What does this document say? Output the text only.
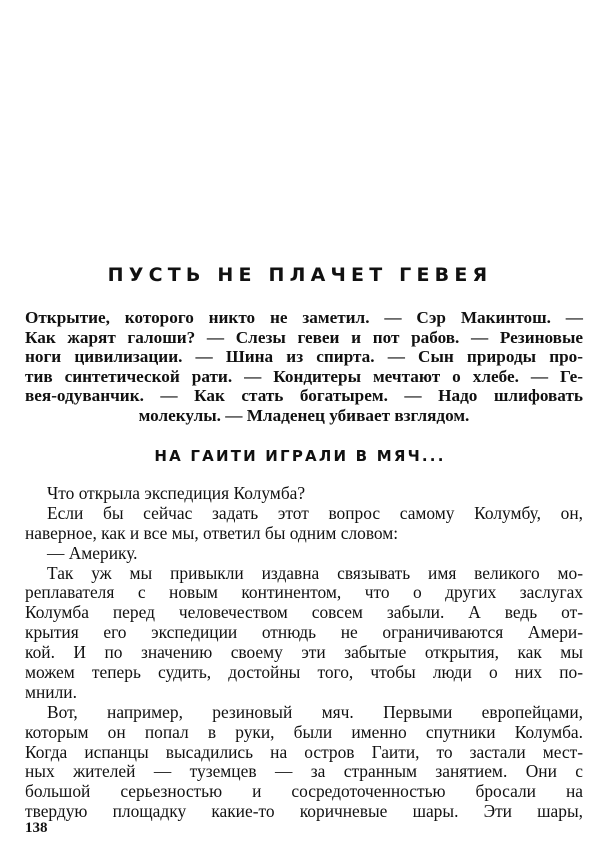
ПУСТЬ НЕ ПЛАЧЕТ ГЕВЕЯ
Открытие, которого никто не заметил. — Сэр Макинтош. —
Как жарят галоши? — Слезы гевеи и пот рабов. — Резиновые
ноги цивилизации. — Шина из спирта. — Сын природы про-
тив синтетической рати. — Кондитеры мечтают о хлебе. — Ге-
вея-одуванчик. — Как стать богатырем. — Надо шлифовать
молекулы. — Младенец убивает взглядом.
НА ГАИТИ ИГРАЛИ В МЯЧ...
Что открыла экспедиция Колумба?
Если бы сейчас задать этот вопрос самому Колумбу, он,
наверное, как и все мы, ответил бы одним словом:
— Америку.
Так уж мы привыкли издавна связывать имя великого мо-
реплавателя с новым континентом, что о других заслугах
Колумба перед человечеством совсем забыли. А ведь от-
крытия его экспедиции отнюдь не ограничиваются Амери-
кой. И по значению своему эти забытые открытия, как мы
можем теперь судить, достойны того, чтобы люди о них по-
мнили.
Вот, например, резиновый мяч. Первыми европейцами,
которым он попал в руки, были именно спутники Колумба.
Когда испанцы высадились на остров Гаити, то застали мест-
ных жителей — туземцев — за странным занятием. Они с
большой серьезностью и сосредоточенностью бросали на
твердую площадку какие-то коричневые шары. Эти шары,
138
